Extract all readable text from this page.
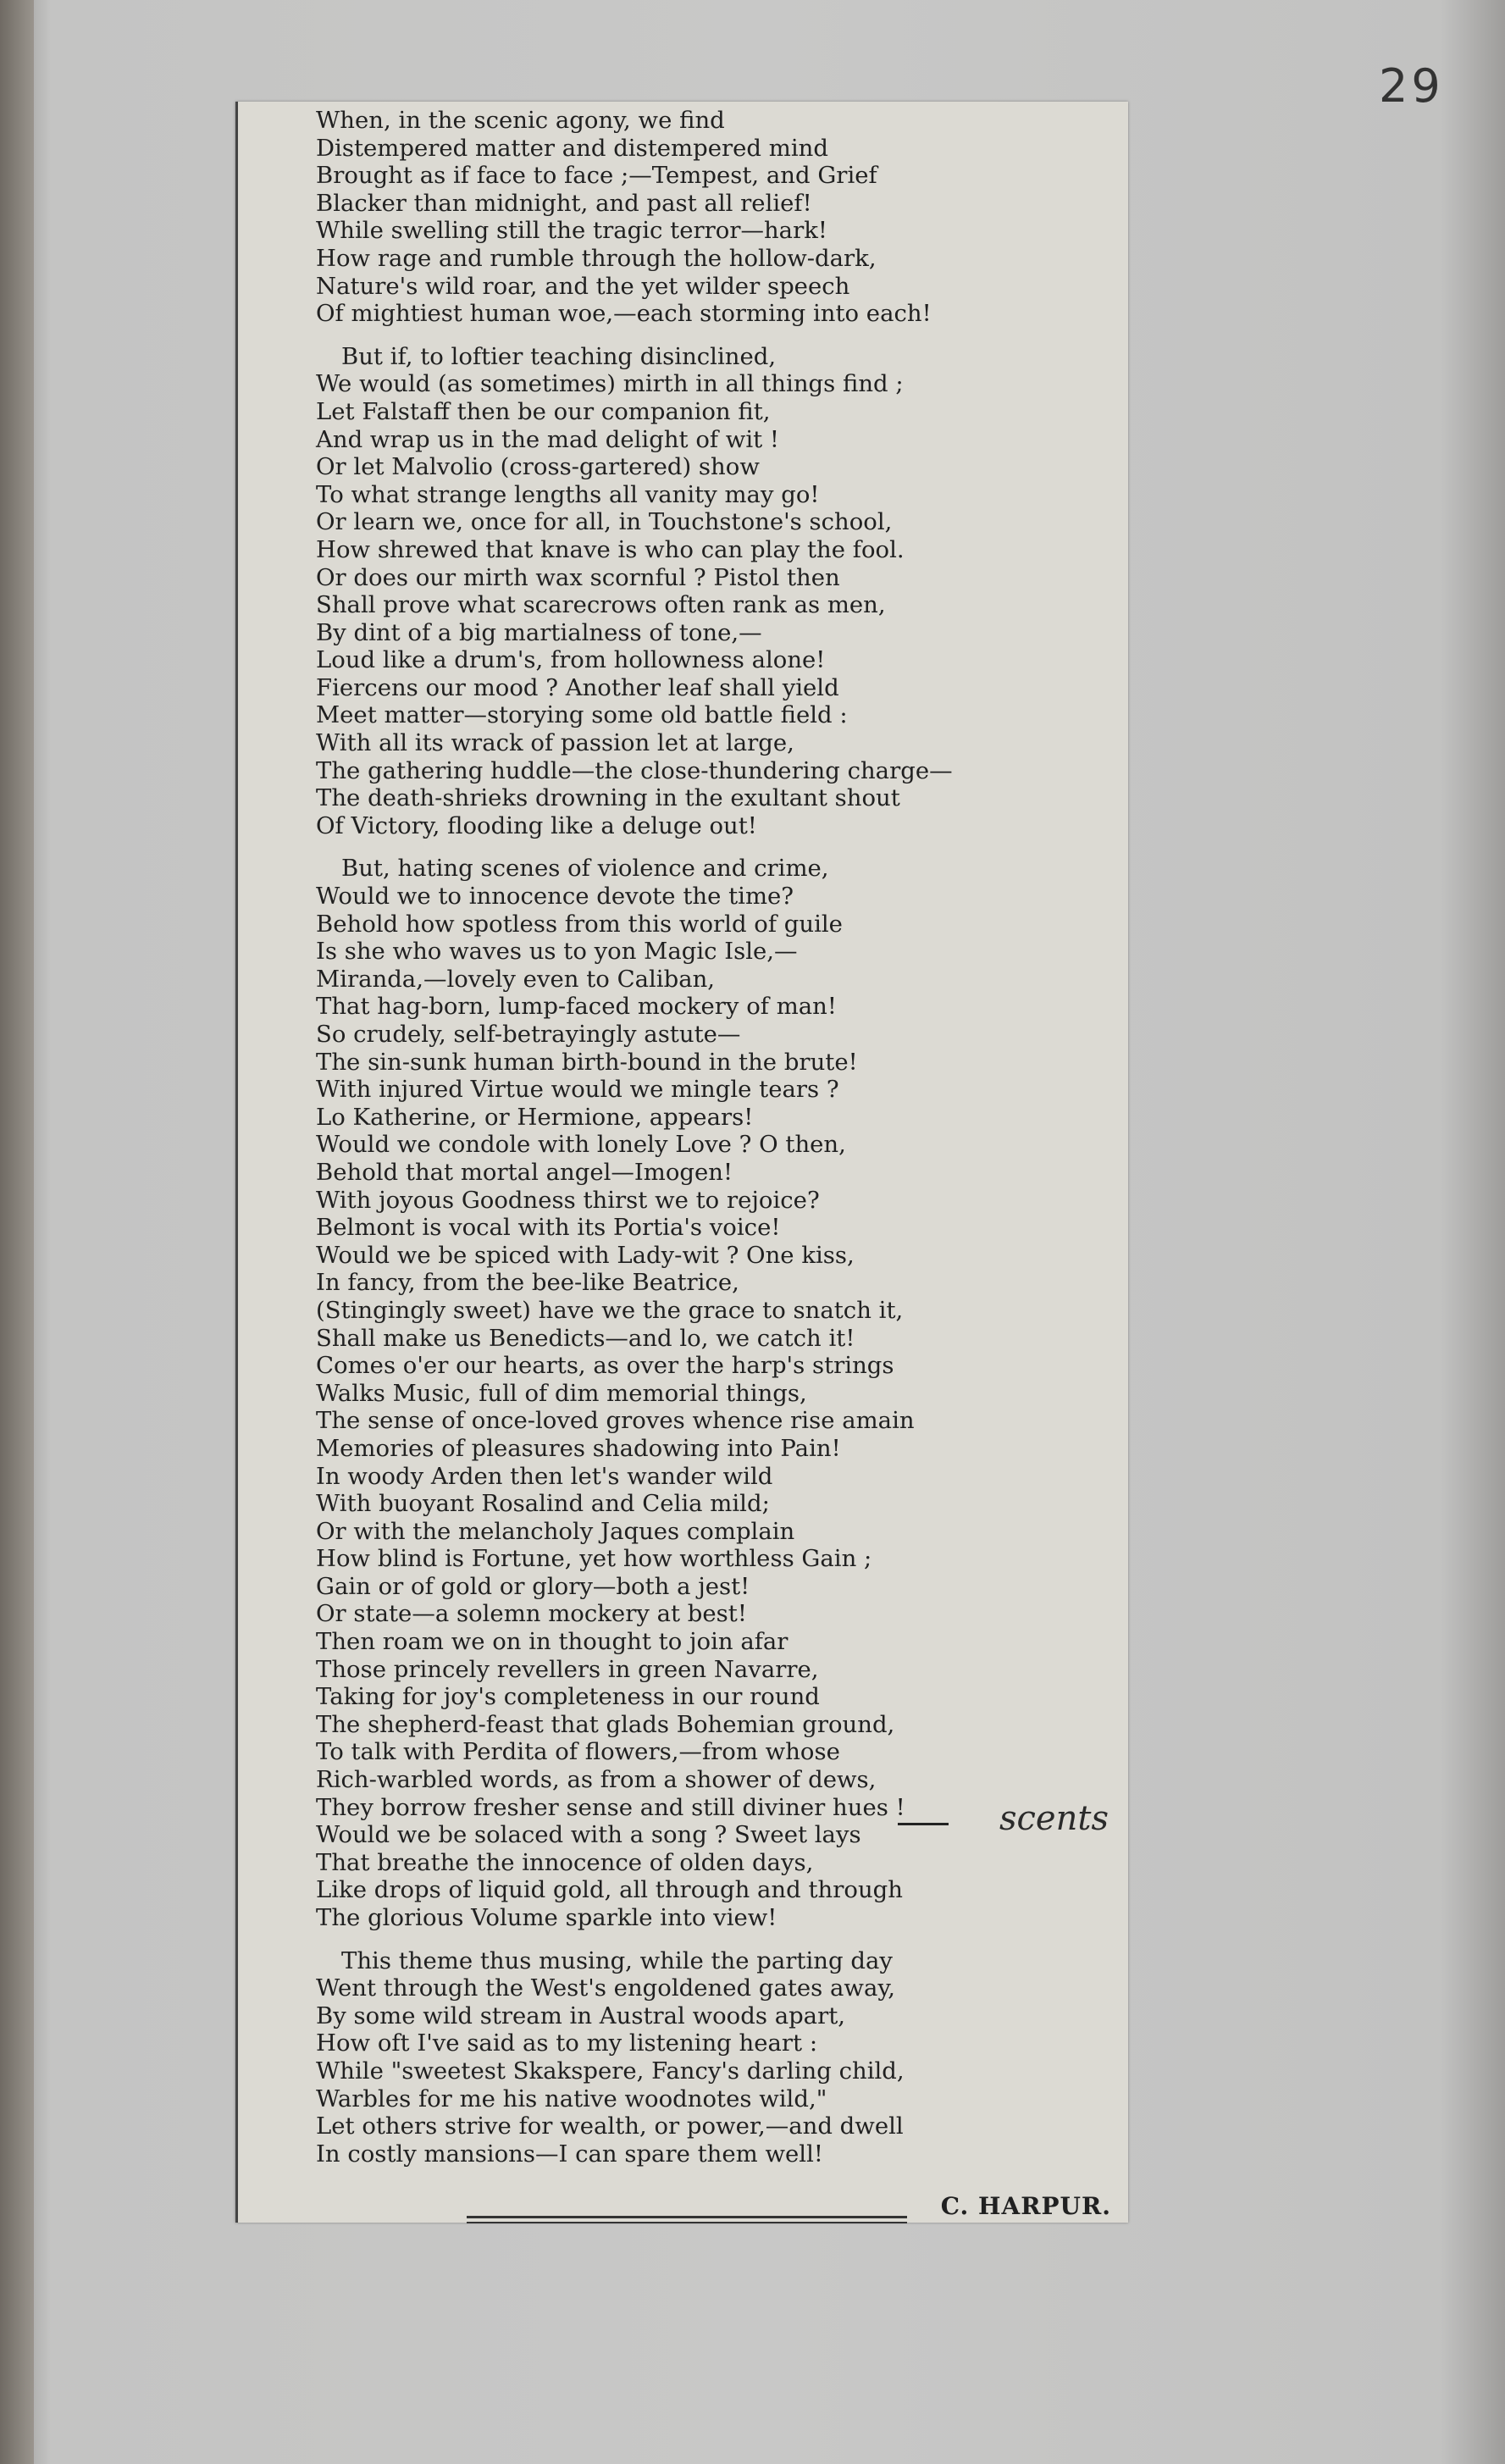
29
When, in the scenic agony, we find
Distempered matter and distempered mind
Brought as if face to face ;—Tempest, and Grief
Blacker than midnight, and past all relief!
While swelling still the tragic terror—hark!
How rage and rumble through the hollow-dark,
Nature's wild roar, and the yet wilder speech
Of mightiest human woe,—each storming into each!
But if, to loftier teaching disinclined,
We would (as sometimes) mirth in all things find ;
Let Falstaff then be our companion fit,
And wrap us in the mad delight of wit !
Or let Malvolio (cross-gartered) show
To what strange lengths all vanity may go!
Or learn we, once for all, in Touchstone's school,
How shrewed that knave is who can play the fool.
Or does our mirth wax scornful ? Pistol then
Shall prove what scarecrows often rank as men,
By dint of a big martialness of tone,—
Loud like a drum's, from hollowness alone!
Fiercens our mood ? Another leaf shall yield
Meet matter—storying some old battle field :
With all its wrack of passion let at large,
The gathering huddle—the close-thundering charge—
The death-shrieks drowning in the exultant shout
Of Victory, flooding like a deluge out!
But, hating scenes of violence and crime,
Would we to innocence devote the time?
Behold how spotless from this world of guile
Is she who waves us to yon Magic Isle,—
Miranda,—lovely even to Caliban,
That hag-born, lump-faced mockery of man!
So crudely, self-betrayingly astute—
The sin-sunk human birth-bound in the brute!
With injured Virtue would we mingle tears ?
Lo Katherine, or Hermione, appears!
Would we condole with lonely Love ? O then,
Behold that mortal angel—Imogen!
With joyous Goodness thirst we to rejoice?
Belmont is vocal with its Portia's voice!
Would we be spiced with Lady-wit ? One kiss,
In fancy, from the bee-like Beatrice,
(Stingingly sweet) have we the grace to snatch it,
Shall make us Benedicts—and lo, we catch it!
Comes o'er our hearts, as over the harp's strings
Walks Music, full of dim memorial things,
The sense of once-loved groves whence rise amain
Memories of pleasures shadowing into Pain!
In woody Arden then let's wander wild
With buoyant Rosalind and Celia mild;
Or with the melancholy Jaques complain
How blind is Fortune, yet how worthless Gain ;
Gain or of gold or glory—both a jest!
Or state—a solemn mockery at best!
Then roam we on in thought to join afar
Those princely revellers in green Navarre,
Taking for joy's completeness in our round
The shepherd-feast that glads Bohemian ground,
To talk with Perdita of flowers,—from whose
Rich-warbled words, as from a shower of dews,
They borrow fresher sense and still diviner hues !
Would we be solaced with a song ? Sweet lays
That breathe the innocence of olden days,
Like drops of liquid gold, all through and through
The glorious Volume sparkle into view!
This theme thus musing, while the parting day
Went through the West's engoldened gates away,
By some wild stream in Austral woods apart,
How oft I've said as to my listening heart :
While "sweetest Skakspere, Fancy's darling child,
Warbles for me his native woodnotes wild,"
Let others strive for wealth, or power,—and dwell
In costly mansions—I can spare them well!
C. HARPUR.
scents
